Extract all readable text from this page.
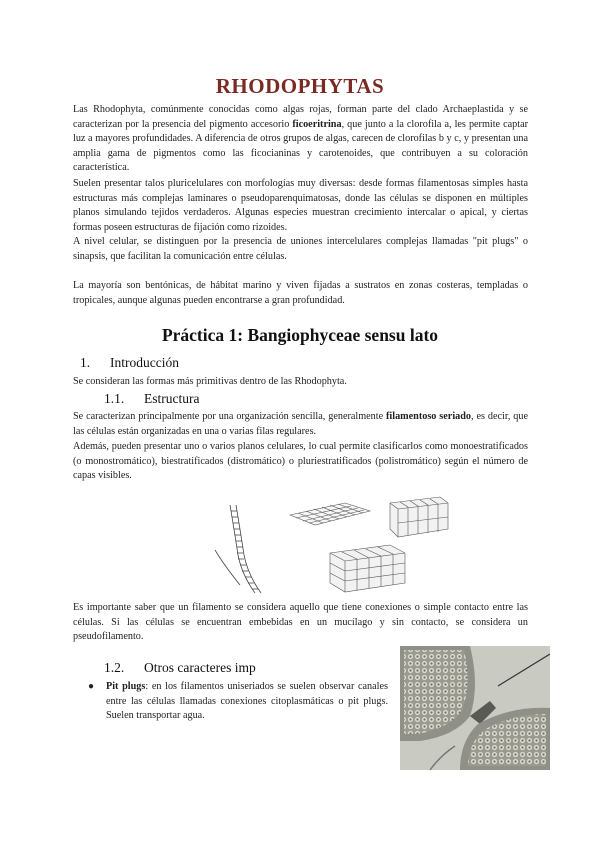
RHODOPHYTAS

Las Rhodophyta, comúnmente conocidas como algas rojas, forman parte del clado Archaeplastida y se caracterizan por la presencia del pigmento accesorio ficoeritrina, que junto a la clorofila a, les permite captar luz a mayores profundidades. A diferencia de otros grupos de algas, carecen de clorofilas b y c, y presentan una amplia gama de pigmentos como las ficocianinas y carotenoides, que contribuyen a su coloración característica.

Suelen presentar talos pluricelulares con morfologías muy diversas: desde formas filamentosas simples hasta estructuras más complejas laminares o pseudoparenquimatosas, donde las células se disponen en múltiples planos simulando tejidos verdaderos. Algunas especies muestran crecimiento intercalar o apical, y ciertas formas poseen estructuras de fijación como rizoides.

A nivel celular, se distinguen por la presencia de uniones intercelulares complejas llamadas "pit plugs" o sinapsis, que facilitan la comunicación entre células.

La mayoría son bentónicas, de hábitat marino y viven fijadas a sustratos en zonas costeras, templadas o tropicales, aunque algunas pueden encontrarse a gran profundidad.

Práctica 1: Bangiophyceae sensu lato
1. Introducción

Se consideran las formas más primitivas dentro de las Rhodophyta.

1.1. Estructura

Se caracterizan principalmente por una organización sencilla, generalmente filamentoso seriado, es decir, que las células están organizadas en una o varias filas regulares.

Además, pueden presentar uno o varios planos celulares, lo cual permite clasificarlos como monoestratificados (o monostromático), biestratificados (distromático) o pluriestratificados (polistromático) según el número de capas visibles.

Es importante saber que un filamento se considera aquello que tiene conexiones o simple contacto entre las células. Si las células se encuentran embebidas en un mucílago y sin contacto, se considera un pseudofilamento.

1.2. Otros caracteres imp
● Pit plugs: en los filamentos uniseriados se suelen observar canales entre las células llamadas conexiones citoplasmáticas o pit plugs. Suelen transportar agua.
